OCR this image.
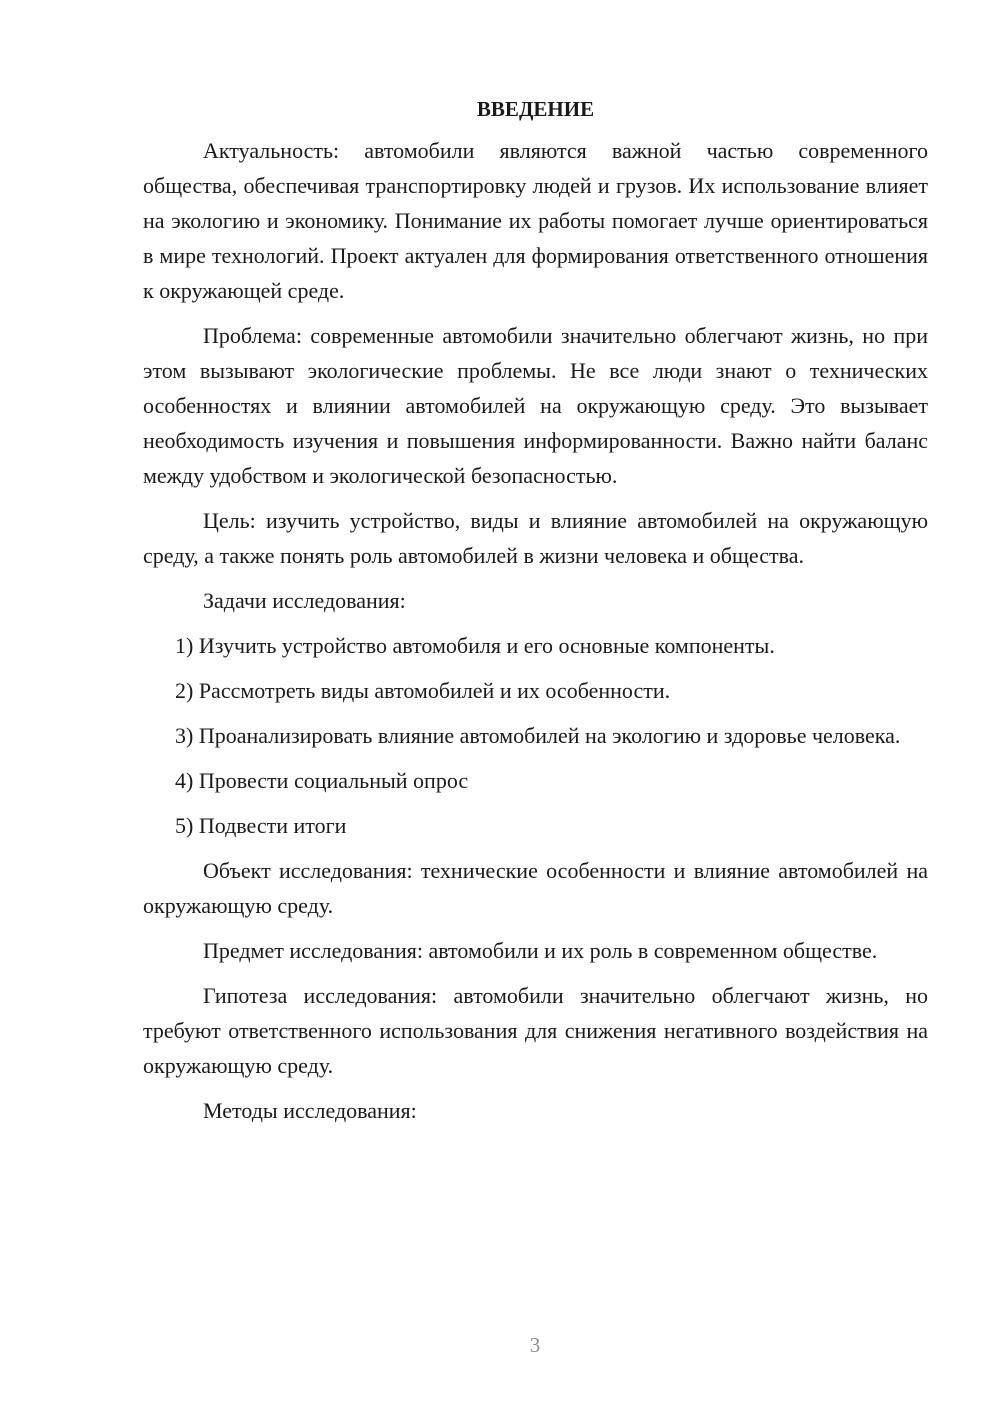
ВВЕДЕНИЕ

Актуальность: автомобили являются важной частью современного общества, обеспечивая транспортировку людей и грузов. Их использование влияет на экологию и экономику. Понимание их работы помогает лучше ориентироваться в мире технологий. Проект актуален для формирования ответственного отношения к окружающей среде.

Проблема: современные автомобили значительно облегчают жизнь, но при этом вызывают экологические проблемы. Не все люди знают о технических особенностях и влиянии автомобилей на окружающую среду. Это вызывает необходимость изучения и повышения информированности. Важно найти баланс между удобством и экологической безопасностью.

Цель: изучить устройство, виды и влияние автомобилей на окружающую среду, а также понять роль автомобилей в жизни человека и общества.

Задачи исследования:

1) Изучить устройство автомобиля и его основные компоненты.

2) Рассмотреть виды автомобилей и их особенности.

3) Проанализировать влияние автомобилей на экологию и здоровье человека.

4) Провести социальный опрос

5) Подвести итоги

Объект исследования: технические особенности и влияние автомобилей на окружающую среду.

Предмет исследования: автомобили и их роль в современном обществе.

Гипотеза исследования: автомобили значительно облегчают жизнь, но требуют ответственного использования для снижения негативного воздействия на окружающую среду.

Методы исследования:

3
